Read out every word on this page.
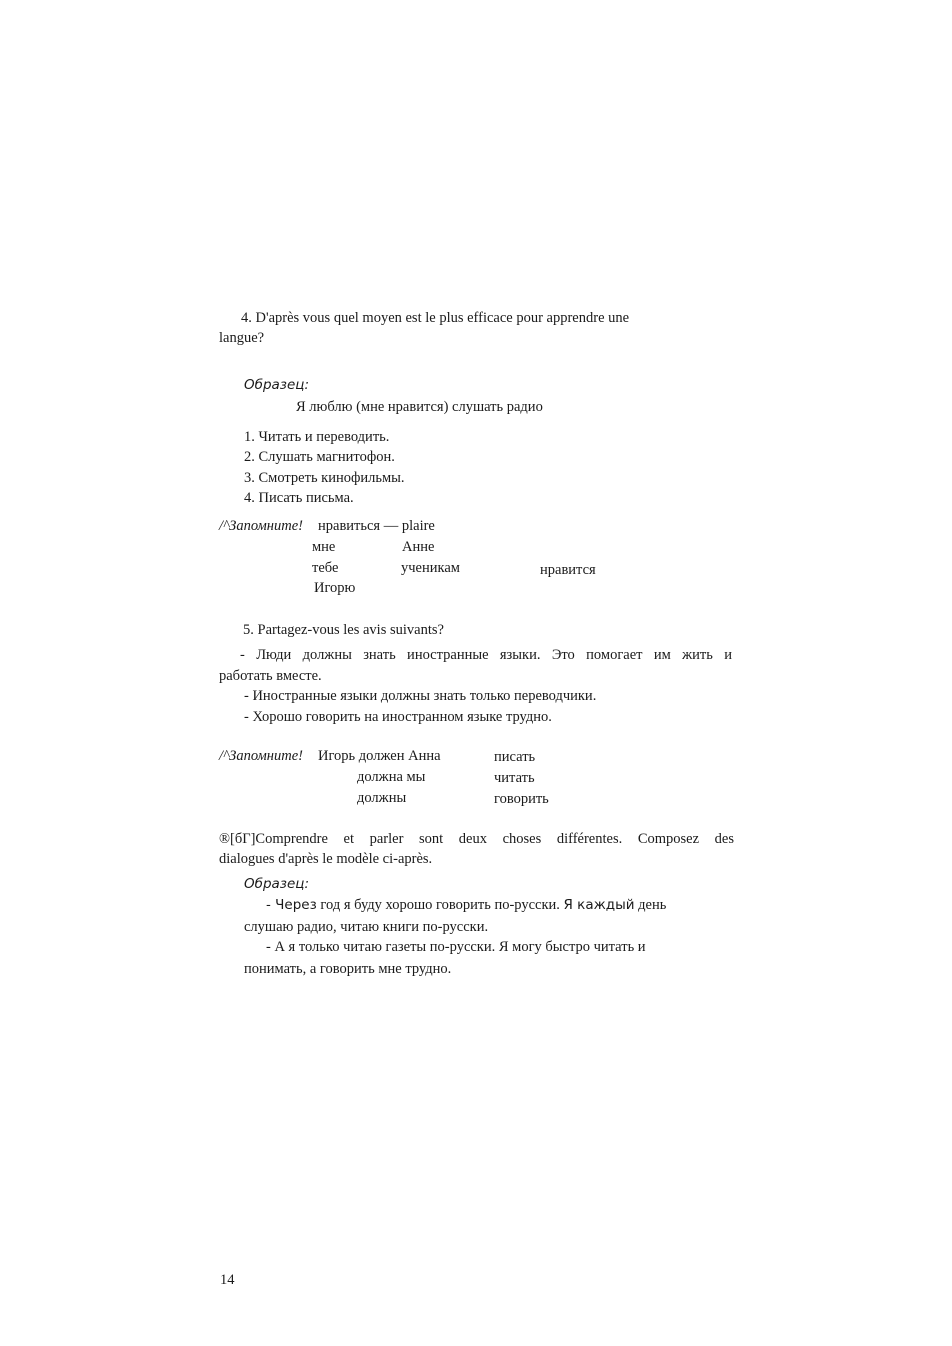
4. D'après vous quel moyen est le plus efficace pour apprendre une
langue?
Образец:
Я люблю (мне нравится) слушать радио
1. Читать и переводить.
2. Слушать магнитофон.
3. Смотреть кинофильмы.
4. Писать письма.
/^Запомните! нравиться — plaire
мне
тебе
Игорю
Анне
ученикам	нравится
5. Partagez-vous les avis suivants?
- Люди должны знать иностранные языки. Это помогает им жить и
работать вместе.
- Иностранные языки должны знать только переводчики.
- Хорошо говорить на иностранном языке трудно.
/^Запомните! Игорь должен Анна
должна мы
должны
писать
читать
говорить
®[бГ]Comprendre et parler sont deux choses différentes. Composez des
dialogues d'après le modèle ci-après.
Образец:
- Через год я буду хорошо говорить по-русски. Я каждый день
слушаю радио, читаю книги по-русски.
- А я только читаю газеты по-русски. Я могу быстро читать и
понимать, а говорить мне трудно.
14
